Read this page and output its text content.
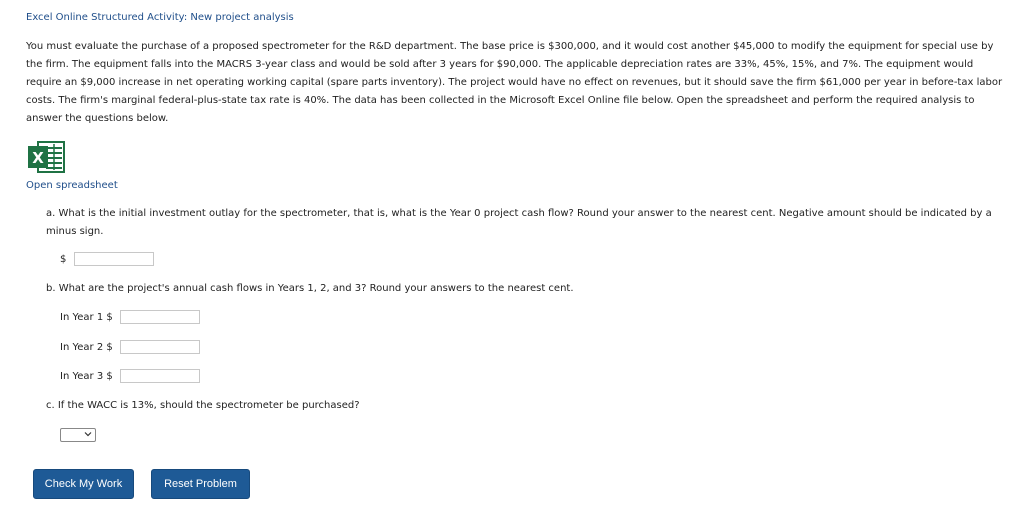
Excel Online Structured Activity: New project analysis
You must evaluate the purchase of a proposed spectrometer for the R&D department. The base price is $300,000, and it would cost another $45,000 to modify the equipment for special use by the firm. The equipment falls into the MACRS 3-year class and would be sold after 3 years for $90,000. The applicable depreciation rates are 33%, 45%, 15%, and 7%. The equipment would require an $9,000 increase in net operating working capital (spare parts inventory). The project would have no effect on revenues, but it should save the firm $61,000 per year in before-tax labor costs. The firm's marginal federal-plus-state tax rate is 40%. The data has been collected in the Microsoft Excel Online file below. Open the spreadsheet and perform the required analysis to answer the questions below.
X
Open spreadsheet
a. What is the initial investment outlay for the spectrometer, that is, what is the Year 0 project cash flow? Round your answer to the nearest cent. Negative amount should be indicated by a minus sign.
$
b. What are the project's annual cash flows in Years 1, 2, and 3? Round your answers to the nearest cent.
In Year 1 $
In Year 2 $
In Year 3 $
c. If the WACC is 13%, should the spectrometer be purchased?
Check My Work	Reset Problem
